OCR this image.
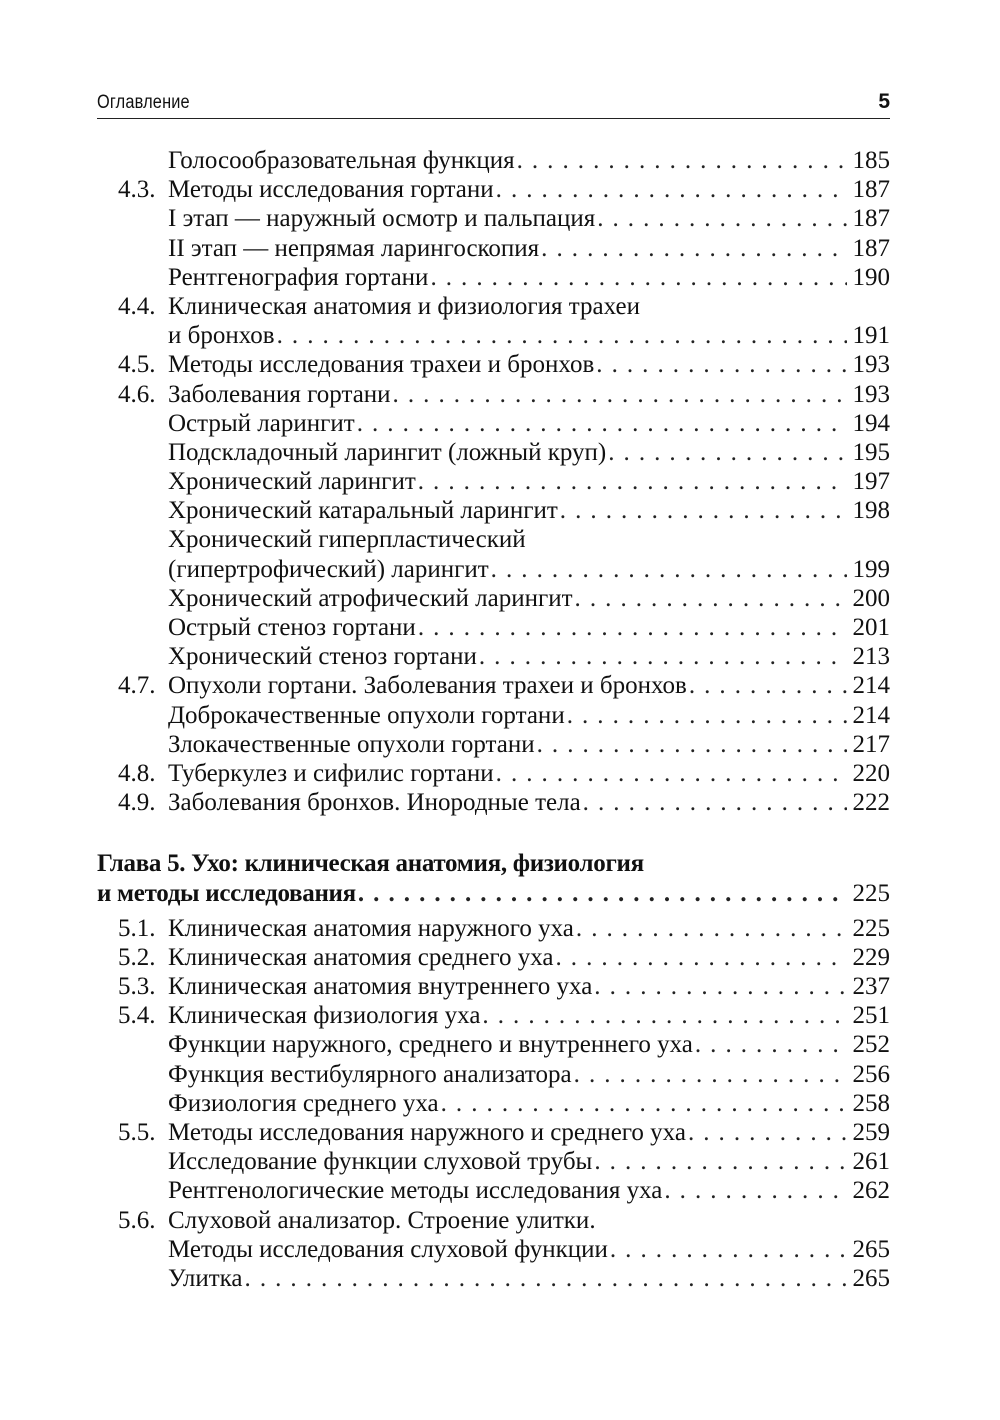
Оглавление	5
Голосообразовательная функция . . .	185
4.3. Методы исследования гортани . . .	187
I этап — наружный осмотр и пальпация . . .	187
II этап — непрямая ларингоскопия . . .	187
Рентгенография гортани . . .	190
4.4. Клиническая анатомия и физиология трахеи
и бронхов . . .	191
4.5. Методы исследования трахеи и бронхов . . .	193
4.6. Заболевания гортани . . .	193
Острый ларингит . . .	194
Подскладочный ларингит (ложный круп) . . .	195
Хронический ларингит . . .	197
Хронический катаральный ларингит . . .	198
Хронический гиперпластический
(гипертрофический) ларингит . . .	199
Хронический атрофический ларингит . . .	200
Острый стеноз гортани . . .	201
Хронический стеноз гортани . . .	213
4.7. Опухоли гортани. Заболевания трахеи и бронхов . . .	214
Доброкачественные опухоли гортани . . .	214
Злокачественные опухоли гортани . . .	217
4.8. Туберкулез и сифилис гортани . . .	220
4.9. Заболевания бронхов. Инородные тела . . .	222
Глава 5. Ухо: клиническая анатомия, физиология
и методы исследования . . .	225
5.1. Клиническая анатомия наружного уха . . .	225
5.2. Клиническая анатомия среднего уха . . .	229
5.3. Клиническая анатомия внутреннего уха . . .	237
5.4. Клиническая физиология уха . . .	251
Функции наружного, среднего и внутреннего уха . . .	252
Функция вестибулярного анализатора . . .	256
Физиология среднего уха . . .	258
5.5. Методы исследования наружного и среднего уха . . .	259
Исследование функции слуховой трубы . . .	261
Рентгенологические методы исследования уха . . .	262
5.6. Слуховой анализатор. Строение улитки.
Методы исследования слуховой функции . . .	265
Улитка . . .	265
